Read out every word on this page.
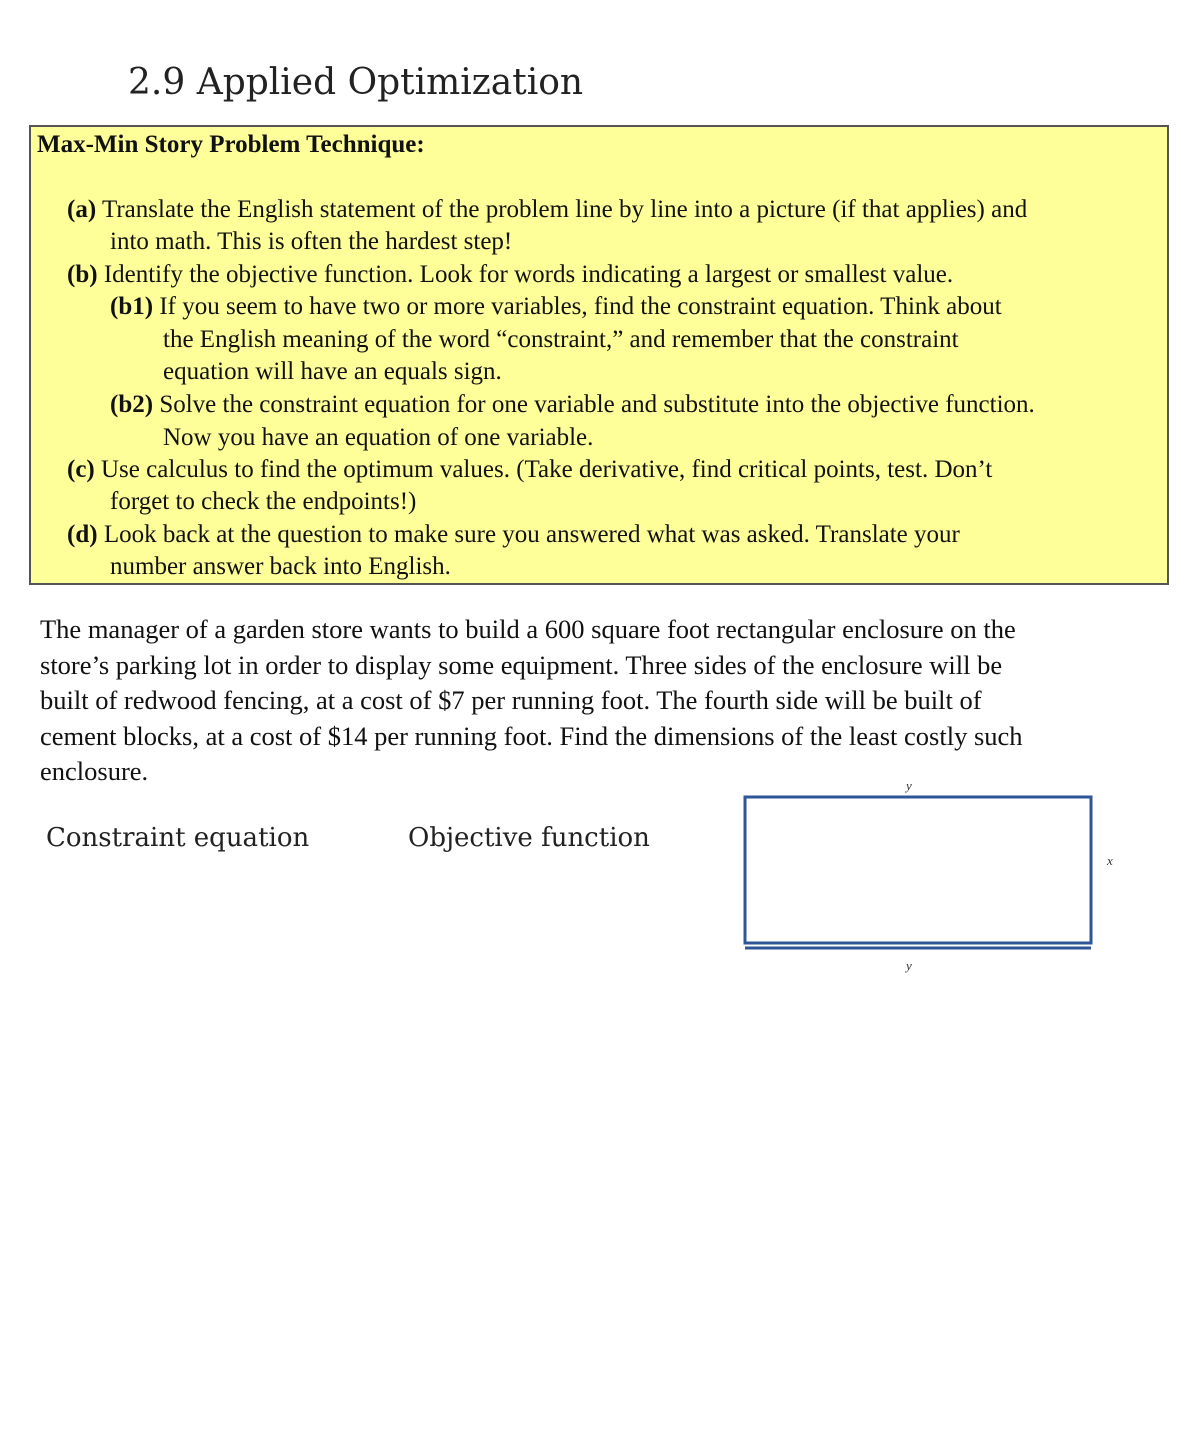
2.9 Applied Optimization
Max-Min Story Problem Technique:
(a) Translate the English statement of the problem line by line into a picture (if that applies) and
into math. This is often the hardest step!
(b) Identify the objective function. Look for words indicating a largest or smallest value.
(b1) If you seem to have two or more variables, find the constraint equation. Think about
the English meaning of the word “constraint,” and remember that the constraint
equation will have an equals sign.
(b2) Solve the constraint equation for one variable and substitute into the objective function.
Now you have an equation of one variable.
(c) Use calculus to find the optimum values. (Take derivative, find critical points, test. Don’t
forget to check the endpoints!)
(d) Look back at the question to make sure you answered what was asked. Translate your
number answer back into English.
The manager of a garden store wants to build a 600 square foot rectangular enclosure on the
store’s parking lot in order to display some equipment. Three sides of the enclosure will be
built of redwood fencing, at a cost of $7 per running foot. The fourth side will be built of
cement blocks, at a cost of $14 per running foot. Find the dimensions of the least costly such
enclosure.
Constraint equation	Objective function
y
x
y
